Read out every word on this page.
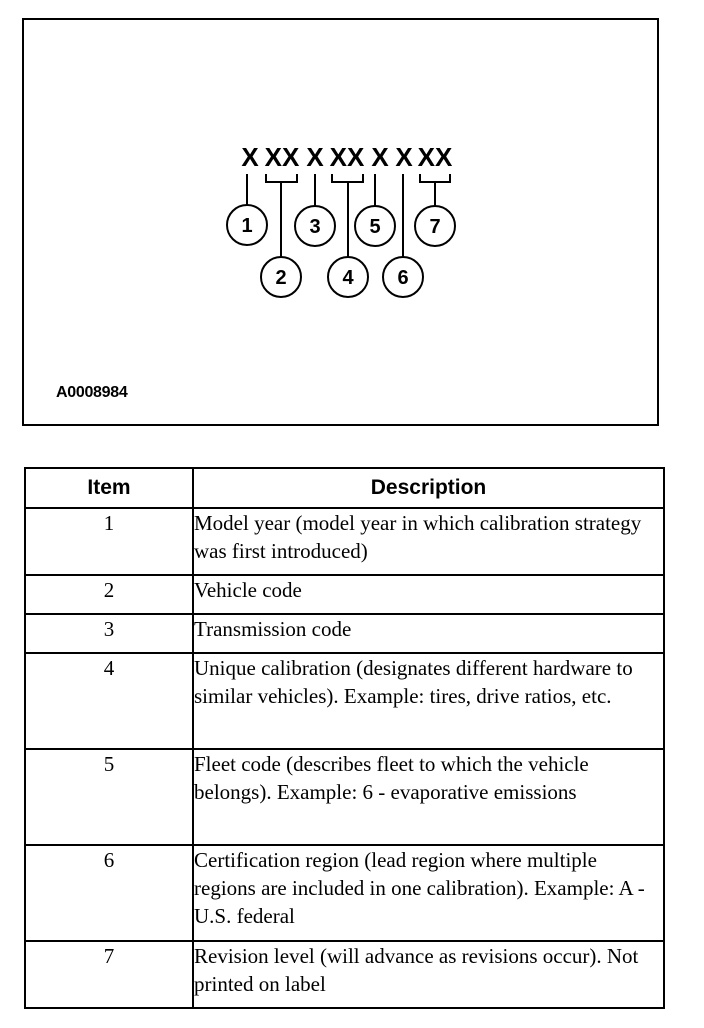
X XX X XX X X XX
1
2
3
4
5
6
7
A0008984
Item	Description
1	Model year (model year in which calibration strategy was first introduced)
2	Vehicle code
3	Transmission code
4	Unique calibration (designates different hardware to similar vehicles). Example: tires, drive ratios, etc.
5	Fleet code (describes fleet to which the vehicle belongs). Example: 6 - evaporative emissions
6	Certification region (lead region where multiple regions are included in one calibration). Example: A - U.S. federal
7	Revision level (will advance as revisions occur). Not printed on label
